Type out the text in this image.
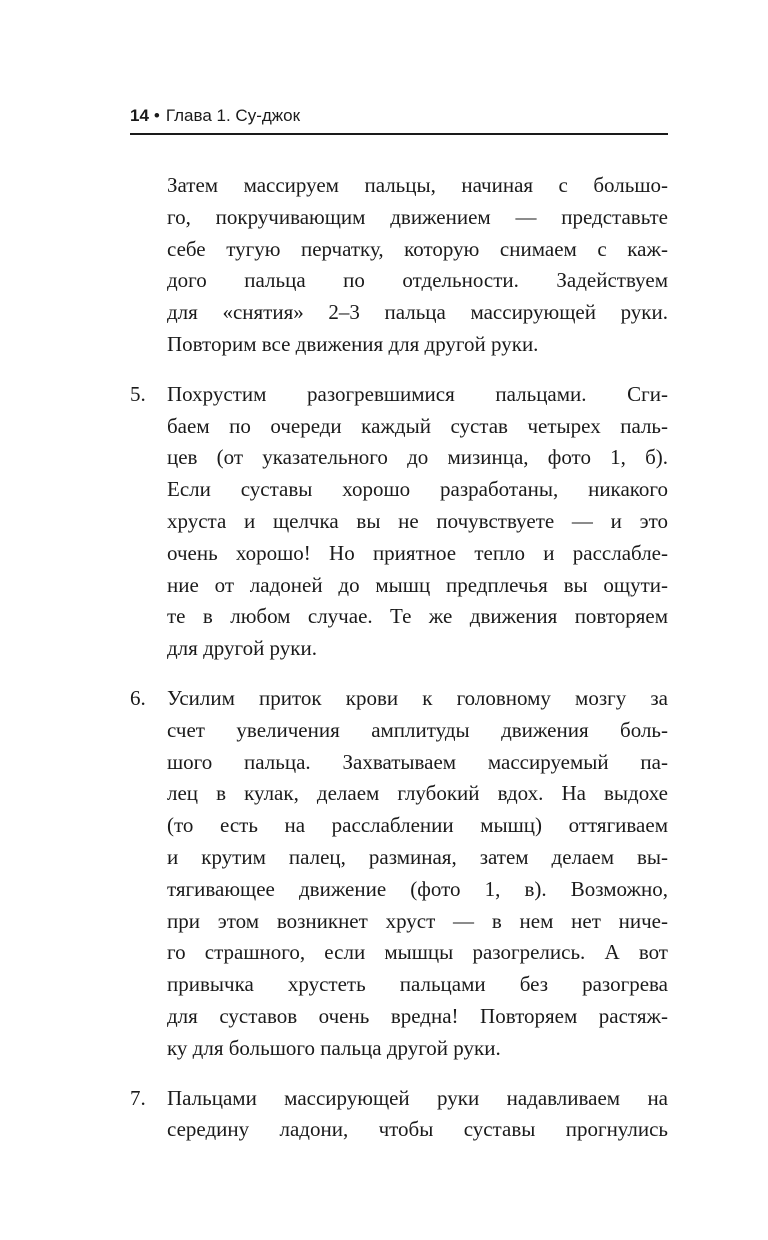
14 • Глава 1. Су-джок
Затем массируем пальцы, начиная с большо-
го, покручивающим движением — представьте
себе тугую перчатку, которую снимаем с каж-
дого пальца по отдельности. Задействуем
для «снятия» 2–3 пальца массирующей руки.
Повторим все движения для другой руки.
5. Похрустим разогревшимися пальцами. Сги-
баем по очереди каждый сустав четырех паль-
цев (от указательного до мизинца, фото 1, б).
Если суставы хорошо разработаны, никакого
хруста и щелчка вы не почувствуете — и это
очень хорошо! Но приятное тепло и расслабле-
ние от ладоней до мышц предплечья вы ощути-
те в любом случае. Те же движения повторяем
для другой руки.
6. Усилим приток крови к головному мозгу за
счет увеличения амплитуды движения боль-
шого пальца. Захватываем массируемый па-
лец в кулак, делаем глубокий вдох. На выдохе
(то есть на расслаблении мышц) оттягиваем
и крутим палец, разминая, затем делаем вы-
тягивающее движение (фото 1, в). Возможно,
при этом возникнет хруст — в нем нет ниче-
го страшного, если мышцы разогрелись. А вот
привычка хрустеть пальцами без разогрева
для суставов очень вредна! Повторяем растяж-
ку для большого пальца другой руки.
7. Пальцами массирующей руки надавливаем на
середину ладони, чтобы суставы прогнулись
